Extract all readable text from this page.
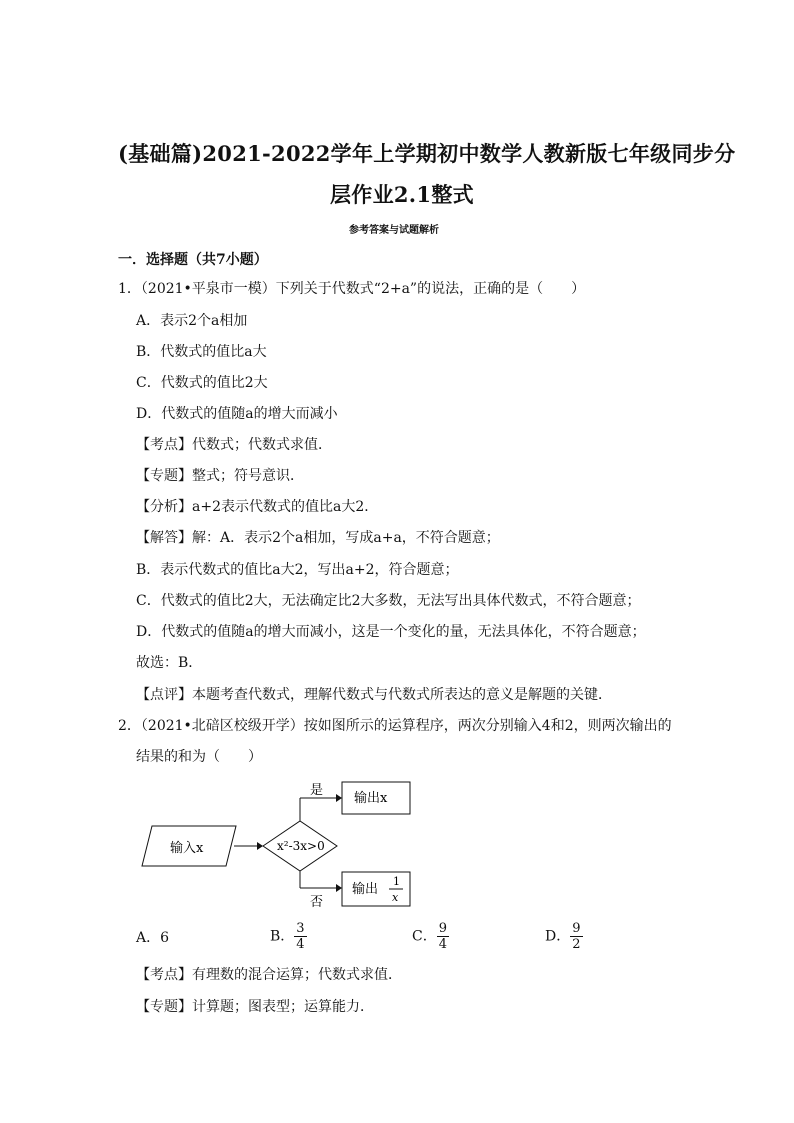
(基础篇)2021-2022学年上学期初中数学人教新版七年级同步分
层作业2.1整式
参考答案与试题解析
一．选择题（共7小题）
1．（2021•平泉市一模）下列关于代数式“2+a”的说法，正确的是（　　）
A．表示2个a相加
B．代数式的值比a大
C．代数式的值比2大
D．代数式的值随a的增大而减小
【考点】代数式；代数式求值．
【专题】整式；符号意识．
【分析】a+2表示代数式的值比a大2．
【解答】解：A．表示2个a相加，写成a+a，不符合题意；
B．表示代数式的值比a大2，写出a+2，符合题意；
C．代数式的值比2大，无法确定比2大多数，无法写出具体代数式，不符合题意；
D．代数式的值随a的增大而减小，这是一个变化的量，无法具体化，不符合题意；
故选：B．
【点评】本题考查代数式，理解代数式与代数式所表达的意义是解题的关键．
2．（2021•北碚区校级开学）按如图所示的运算程序，两次分别输入4和2，则两次输出的
结果的和为（　　）
输入x	x²-3x>0
是
输出x
否
输出
1
x
A．6	B． $\frac{3}{4}$	C． $\frac{9}{4}$	D． $\frac{9}{2}$
【考点】有理数的混合运算；代数式求值．
【专题】计算题；图表型；运算能力．
